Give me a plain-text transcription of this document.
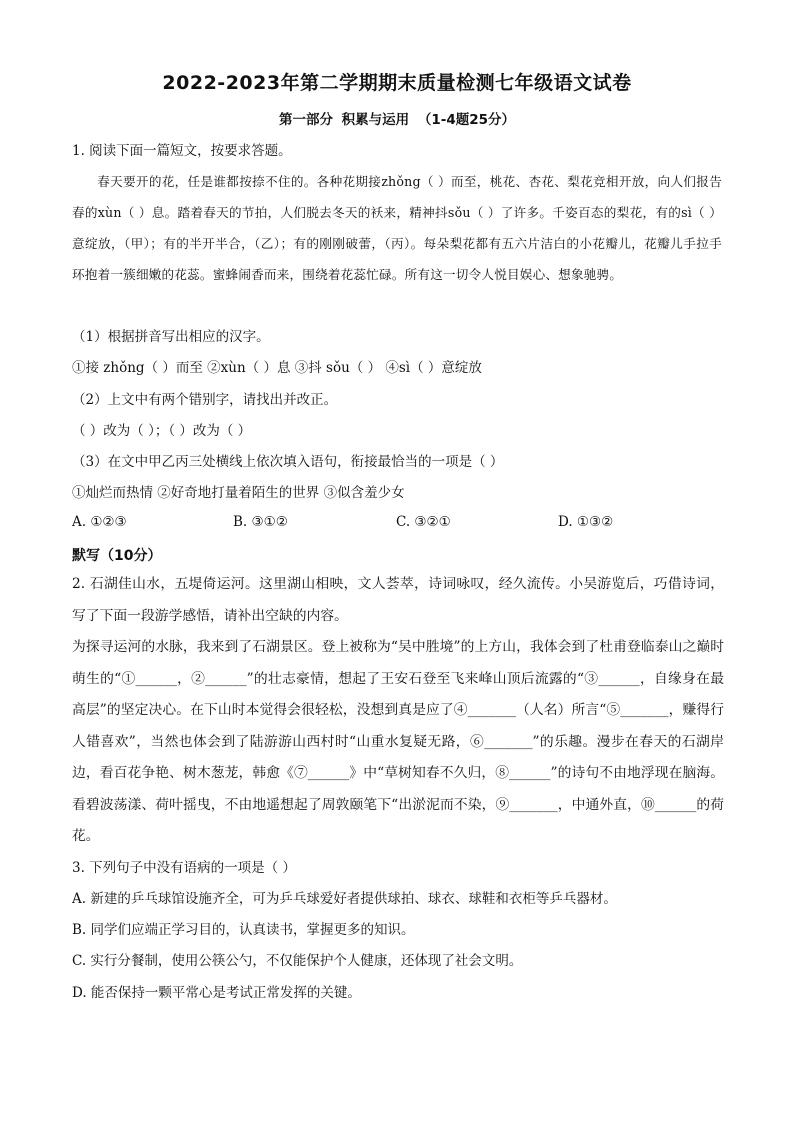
2022-2023年第二学期期末质量检测七年级语文试卷
第一部分 积累与运用 （1-4题25分）
1. 阅读下面一篇短文，按要求答题。
春天要开的花，任是谁都按捺不住的。各种花期接zhǒng（ ）而至，桃花、杏花、梨花竞相开放，向人们报告春的xùn（ ）息。踏着春天的节拍，人们脱去冬天的袄来，精神抖sǒu（ ）了许多。千姿百态的梨花，有的sì（ ）意绽放，（甲）；有的半开半合，（乙）；有的刚刚破蕾，（丙）。每朵梨花都有五六片洁白的小花瓣儿，花瓣儿手拉手环抱着一簇细嫩的花蕊。蜜蜂闹香而来，围绕着花蕊忙碌。所有这一切令人悦目娱心、想象驰骋。
（1）根据拼音写出相应的汉字。
①接 zhǒng（ ）而至 ②xùn（ ）息 ③抖 sǒu（ ） ④sì（ ）意绽放
（2）上文中有两个错别字，请找出并改正。
（ ）改为（ ）；（ ）改为（ ）
（3）在文中甲乙丙三处横线上依次填入语句，衔接最恰当的一项是（ ）
①灿烂而热情 ②好奇地打量着陌生的世界 ③似含羞少女
A. ①②③	B. ③①②	C. ③②①	D. ①③②
默写（10分）
2. 石湖佳山水，五堤倚运河。这里湖山相映，文人荟萃，诗词咏叹，经久流传。小吴游览后，巧借诗词，写了下面一段游学感悟，请补出空缺的内容。
为探寻运河的水脉，我来到了石湖景区。登上被称为“吴中胜境”的上方山，我体会到了杜甫登临泰山之巅时萌生的“①______，②______”的壮志豪情，想起了王安石登至飞来峰山顶后流露的“③______，自缘身在最高层”的坚定决心。在下山时本觉得会很轻松，没想到真是应了④_______（人名）所言“⑤_______，赚得行人错喜欢”，当然也体会到了陆游游山西村时“山重水复疑无路，⑥_______”的乐趣。漫步在春天的石湖岸边，看百花争艳、树木葱茏，韩愈《⑦______》中“草树知春不久归，⑧______”的诗句不由地浮现在脑海。看碧波荡漾、荷叶摇曳，不由地遥想起了周敦颐笔下“出淤泥而不染，⑨_______，中通外直，⑩______的荷花。
3. 下列句子中没有语病的一项是（ ）
A. 新建的乒乓球馆设施齐全，可为乒乓球爱好者提供球拍、球衣、球鞋和衣柜等乒乓器材。
B. 同学们应端正学习目的，认真读书，掌握更多的知识。
C. 实行分餐制，使用公筷公勺，不仅能保护个人健康，还体现了社会文明。
D. 能否保持一颗平常心是考试正常发挥的关键。
